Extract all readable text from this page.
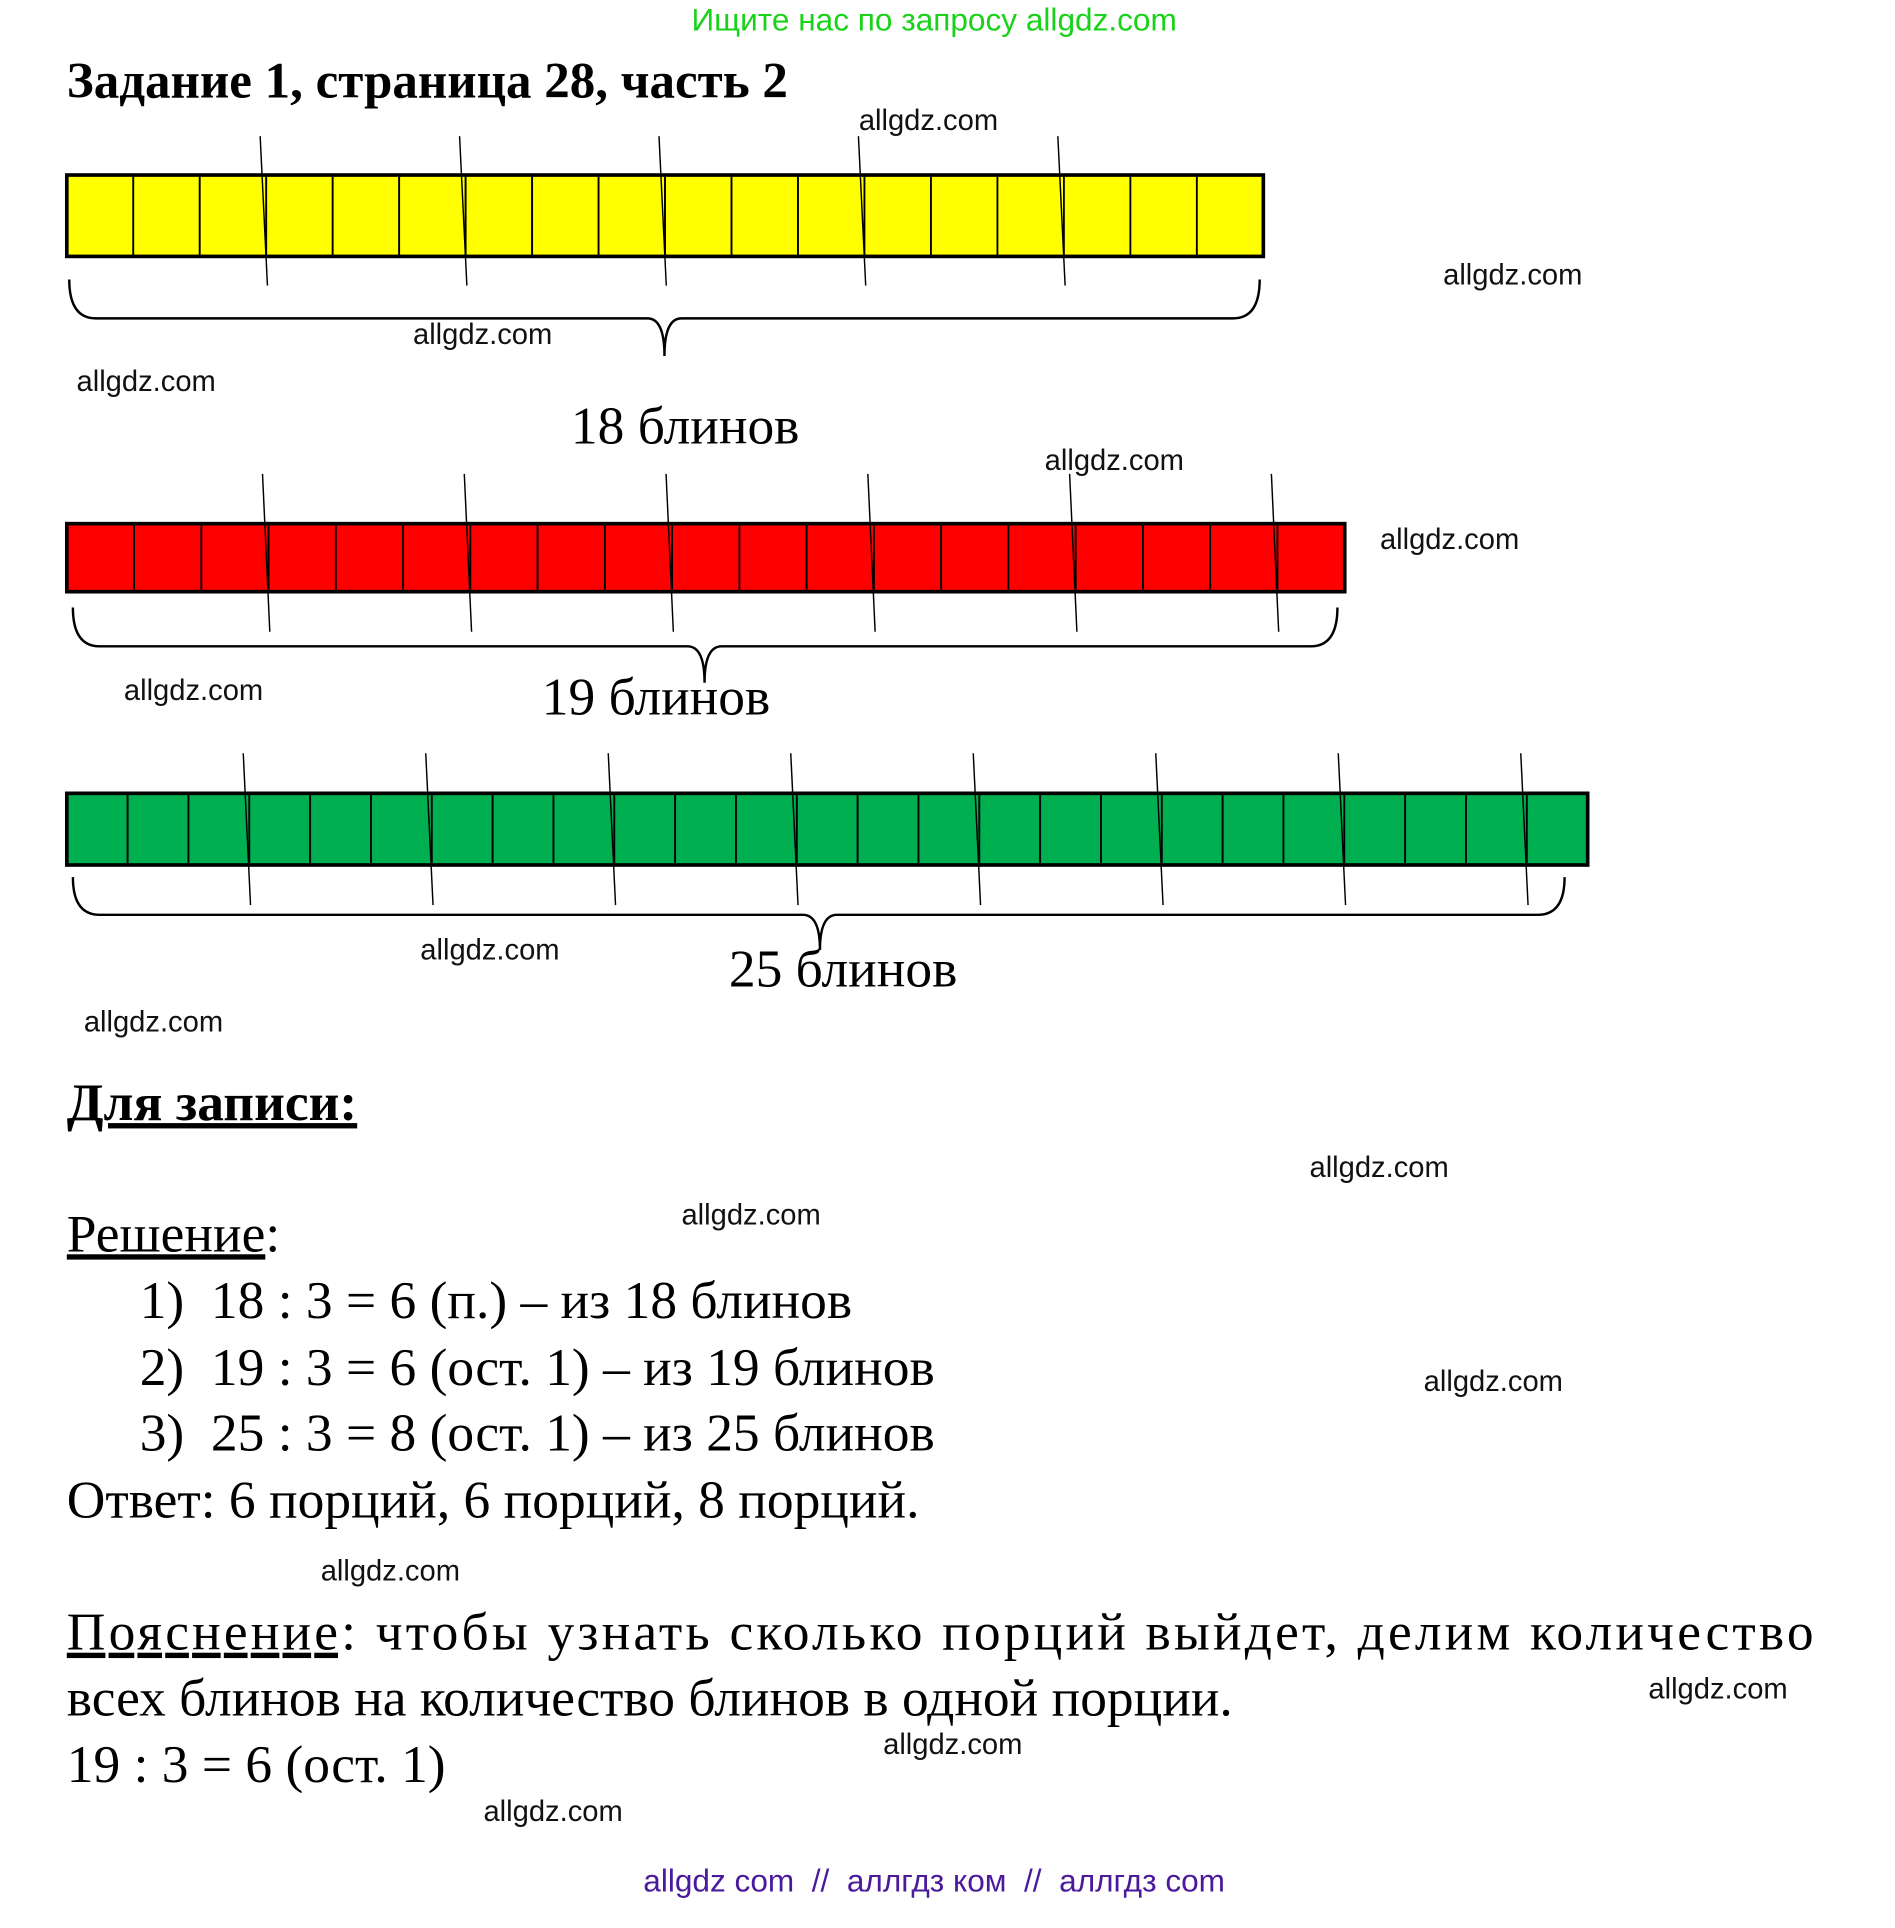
Ищите нас по запросу allgdz.com
Задание 1, страница 28, часть 2
18 блинов
19 блинов
25 блинов
Для записи:
Решение:
1)  18 : 3 = 6 (п.) – из 18 блинов
2)  19 : 3 = 6 (ост. 1) – из 19 блинов
3)  25 : 3 = 8 (ост. 1) – из 25 блинов
Ответ: 6 порций, 6 порций, 8 порций.
Пояснение: чтобы узнать сколько порций выйдет, делим количество
всех блинов на количество блинов в одной порции.
19 : 3 = 6 (ост. 1)
allgdz.com
allgdz.com
allgdz.com
allgdz.com
allgdz.com
allgdz.com
allgdz.com
allgdz.com
allgdz.com
allgdz.com
allgdz.com
allgdz.com
allgdz.com
allgdz.com
allgdz.com
allgdz.com
allgdz com  //  аллгдз ком  //  аллгдз com
